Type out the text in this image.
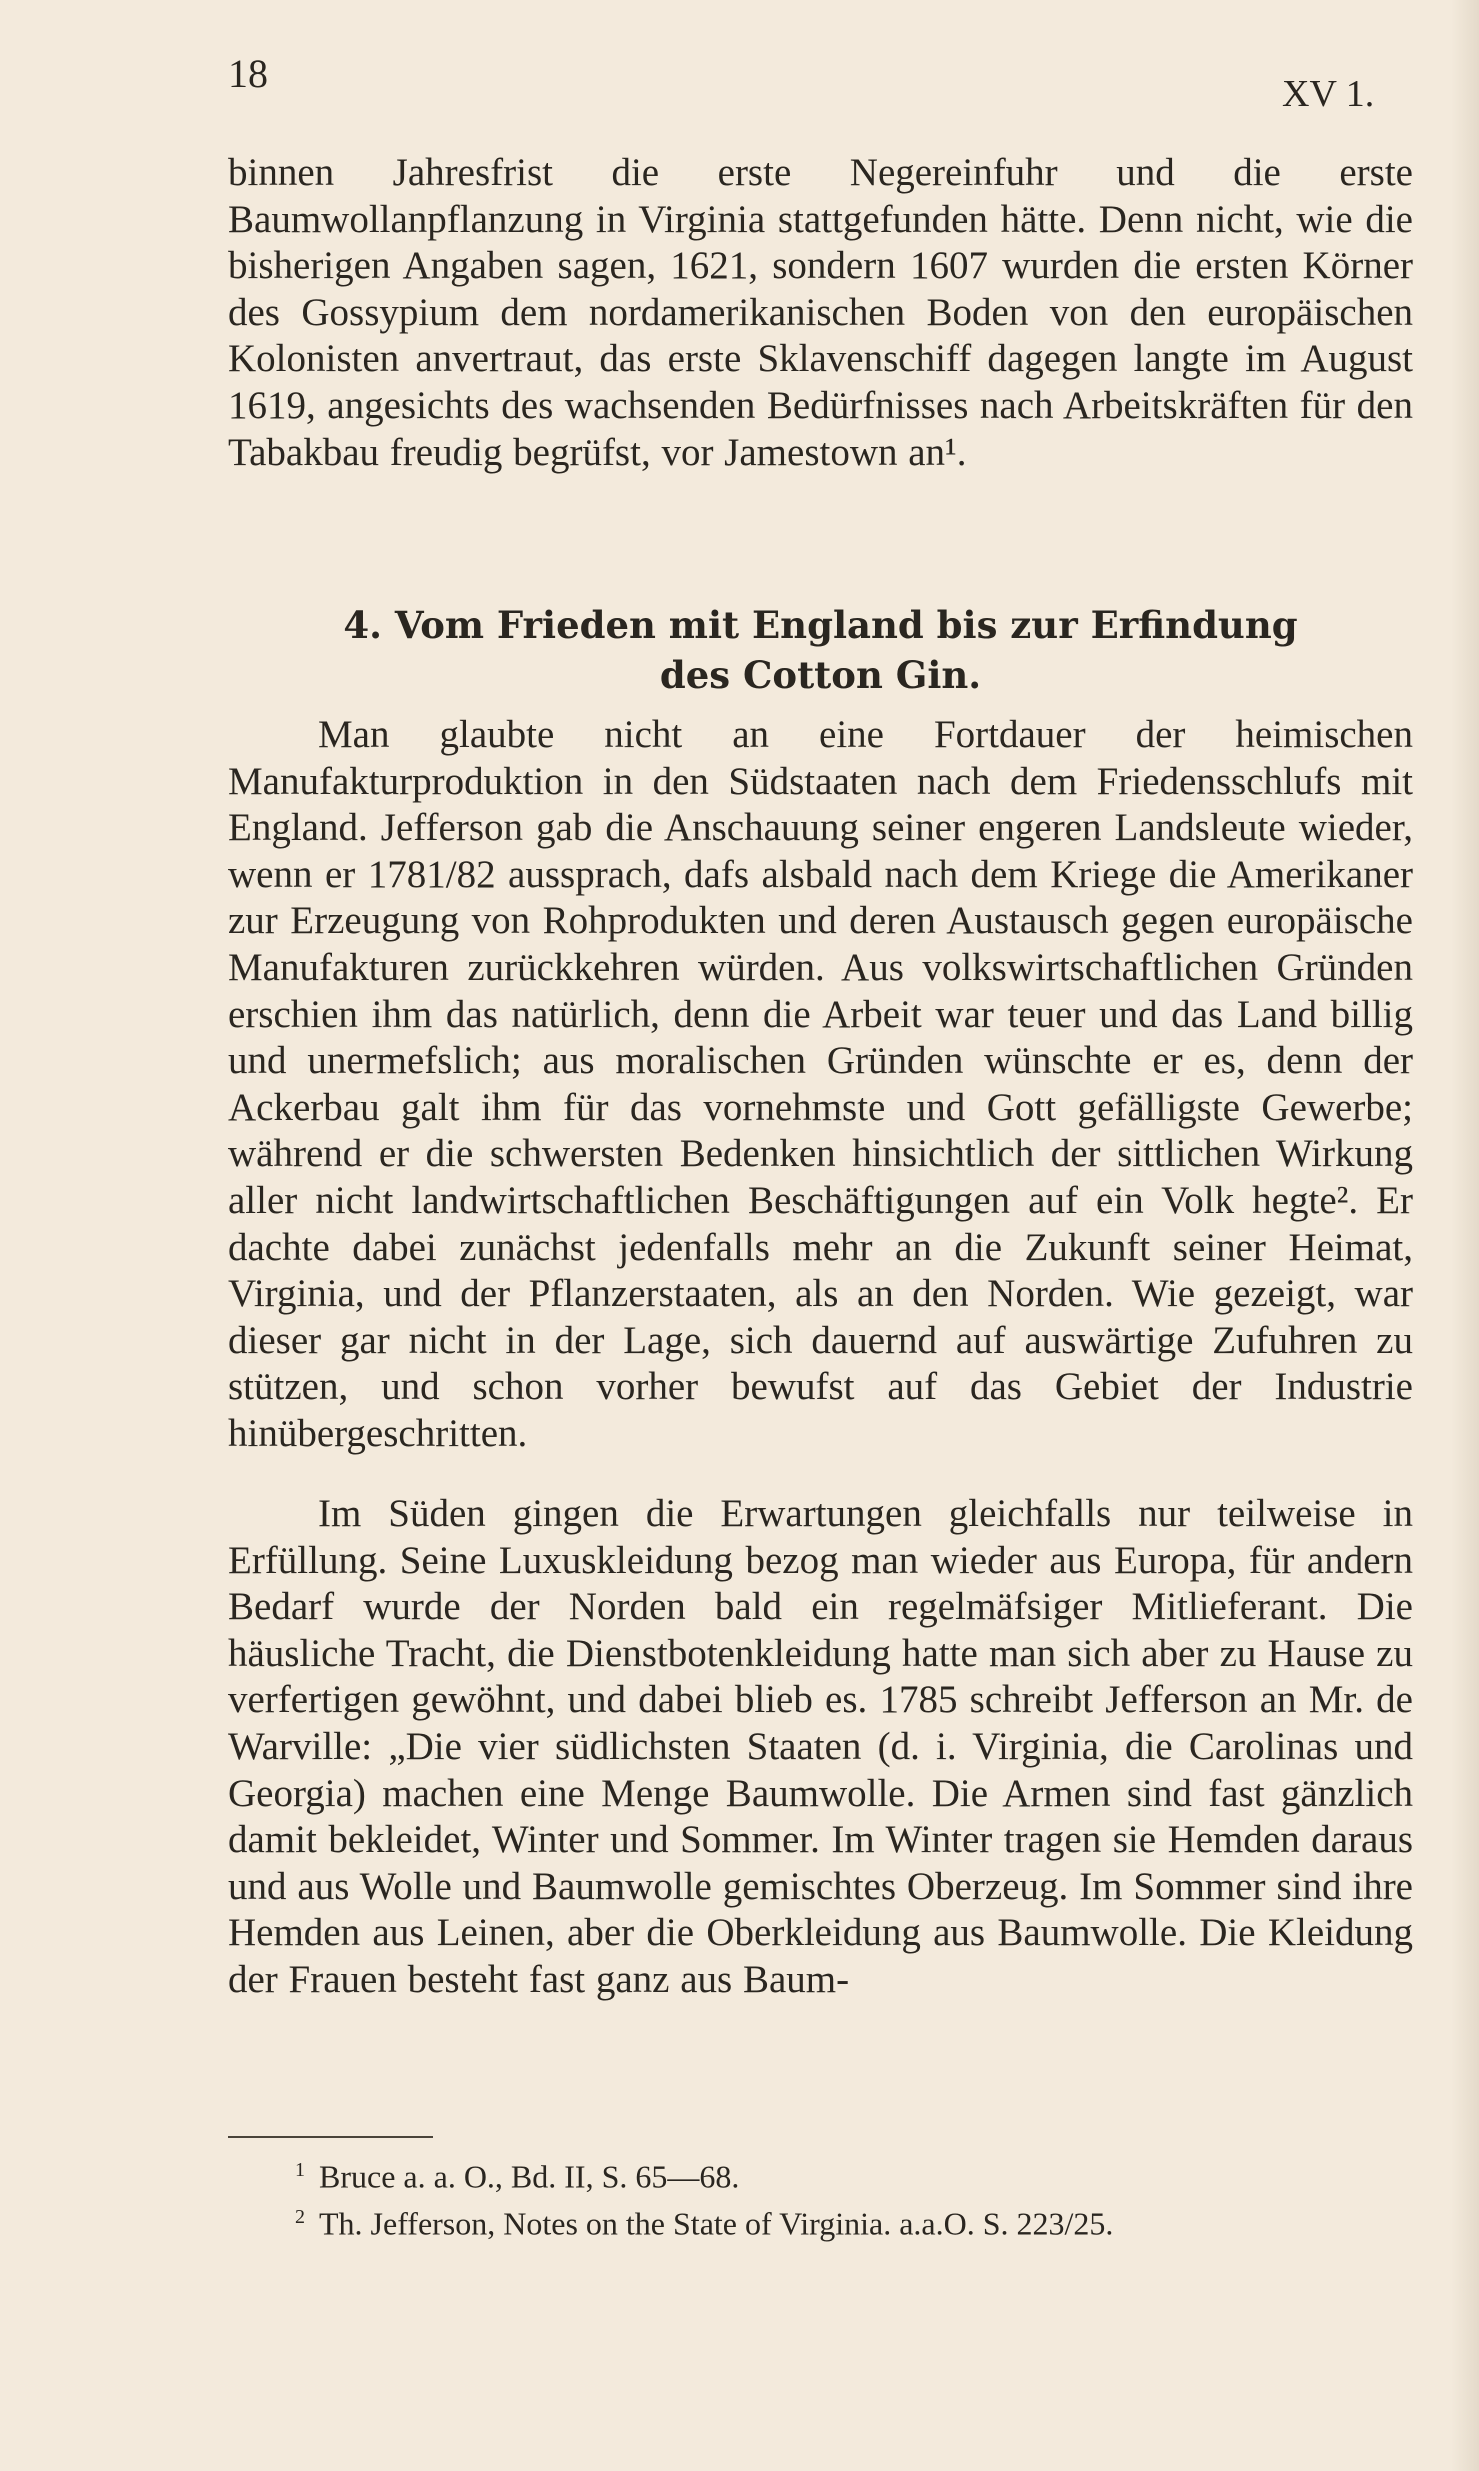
18	XV 1.
binnen Jahresfrist die erste Negereinfuhr und die erste Baumwollanpflanzung in Virginia stattgefunden hätte. Denn nicht, wie die bisherigen Angaben sagen, 1621, sondern 1607 wurden die ersten Körner des Gossypium dem nordamerikanischen Boden von den europäischen Kolonisten anvertraut, das erste Sklavenschiff dagegen langte im August 1619, angesichts des wachsenden Bedürfnisses nach Arbeitskräften für den Tabakbau freudig begrüfst, vor Jamestown an¹.
4. Vom Frieden mit England bis zur Erfindung
des Cotton Gin.
Man glaubte nicht an eine Fortdauer der heimischen Manufakturproduktion in den Südstaaten nach dem Friedensschlufs mit England. Jefferson gab die Anschauung seiner engeren Landsleute wieder, wenn er 1781/82 aussprach, dafs alsbald nach dem Kriege die Amerikaner zur Erzeugung von Rohprodukten und deren Austausch gegen europäische Manufakturen zurückkehren würden. Aus volkswirtschaftlichen Gründen erschien ihm das natürlich, denn die Arbeit war teuer und das Land billig und unermefslich; aus moralischen Gründen wünschte er es, denn der Ackerbau galt ihm für das vornehmste und Gott gefälligste Gewerbe; während er die schwersten Bedenken hinsichtlich der sittlichen Wirkung aller nicht landwirtschaftlichen Beschäftigungen auf ein Volk hegte². Er dachte dabei zunächst jedenfalls mehr an die Zukunft seiner Heimat, Virginia, und der Pflanzerstaaten, als an den Norden. Wie gezeigt, war dieser gar nicht in der Lage, sich dauernd auf auswärtige Zufuhren zu stützen, und schon vorher bewufst auf das Gebiet der Industrie hinübergeschritten.
Im Süden gingen die Erwartungen gleichfalls nur teilweise in Erfüllung. Seine Luxuskleidung bezog man wieder aus Europa, für andern Bedarf wurde der Norden bald ein regelmäfsiger Mitlieferant. Die häusliche Tracht, die Dienstbotenkleidung hatte man sich aber zu Hause zu verfertigen gewöhnt, und dabei blieb es. 1785 schreibt Jefferson an Mr. de Warville: „Die vier südlichsten Staaten (d. i. Virginia, die Carolinas und Georgia) machen eine Menge Baumwolle. Die Armen sind fast gänzlich damit bekleidet, Winter und Sommer. Im Winter tragen sie Hemden daraus und aus Wolle und Baumwolle gemischtes Oberzeug. Im Sommer sind ihre Hemden aus Leinen, aber die Oberkleidung aus Baumwolle. Die Kleidung der Frauen besteht fast ganz aus Baum-
$^1$ Bruce a. a. O., Bd. II, S. 65—68.
$^2$ Th. Jefferson, Notes on the State of Virginia. a.a.O. S. 223/25.
